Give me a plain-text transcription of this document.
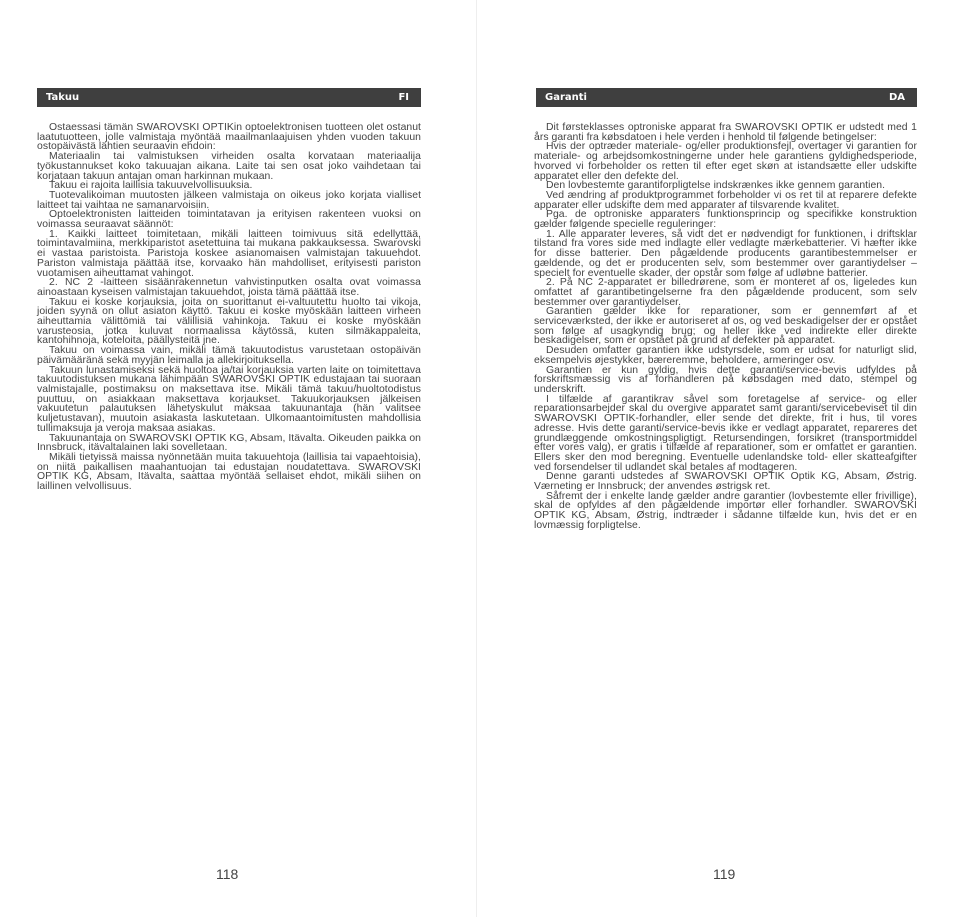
Takuu	FI

Ostaessasi tämän SWAROVSKI OPTIKin optoelektronisen tuotteen olet ostanut laatutuotteen, jolle valmistaja myöntää maailmanlaajuisen yhden vuoden takuun ostopäivästä lähtien seuraavin ehdoin:

Materiaalin tai valmistuksen virheiden osalta korvataan materiaalija työkustannukset koko takuuajan aikana. Laite tai sen osat joko vaihdetaan tai korjataan takuun antajan oman harkinnan mukaan.

Takuu ei rajoita laillisia takuuvelvollisuuksia.

Tuotevalikoiman muutosten jälkeen valmistaja on oikeus joko korjata vialliset laitteet tai vaihtaa ne samanarvoisiin.

Optoelektronisten laitteiden toimintatavan ja erityisen rakenteen vuoksi on voimassa seuraavat säännöt:

1. Kaikki laitteet toimitetaan, mikäli laitteen toimivuus sitä edellyttää, toimintavalmiina, merkkiparistot asetettuina tai mukana pakkauksessa. Swarovski ei vastaa paristoista. Paristoja koskee asianomaisen valmistajan takuuehdot. Pariston valmistaja päättää itse, korvaako hän mahdolliset, erityisesti pariston vuotamisen aiheuttamat vahingot.

2. NC 2 -laitteen sisäänrakennetun vahvistinputken osalta ovat voimassa ainoastaan kyseisen valmistajan takuuehdot, joista tämä päättää itse.

Takuu ei koske korjauksia, joita on suorittanut ei-valtuutettu huolto tai vikoja, joiden syynä on ollut asiaton käyttö. Takuu ei koske myöskään laitteen virheen aiheuttamia välittömiä tai välillisiä vahinkoja. Takuu ei koske myöskään varusteosia, jotka kuluvat normaalissa käytössä, kuten silmäkappaleita, kantohihnoja, koteloita, päällysteitä jne.

Takuu on voimassa vain, mikäli tämä takuutodistus varustetaan ostopäivän päivämääränä sekä myyjän leimalla ja allekirjoituksella.

Takuun lunastamiseksi sekä huoltoa ja/tai korjauksia varten laite on toimitettava takuutodistuksen mukana lähimpään SWAROVSKI OPTIK edustajaan tai suoraan valmistajalle, postimaksu on maksettava itse. Mikäli tämä takuu/huoltotodistus puuttuu, on asiakkaan maksettava korjaukset. Takuukorjauksen jälkeisen vakuutetun palautuksen lähetyskulut maksaa takuunantaja (hän valitsee kuljetustavan), muutoin asiakasta laskutetaan. Ulkomaantoimitusten mahdollisia tullimaksuja ja veroja maksaa asiakas.

Takuunantaja on SWAROVSKI OPTIK KG, Absam, Itävalta. Oikeuden paikka on Innsbruck, itävaltalainen laki sovelletaan.

Mikäli tietyissä maissa nyönnetään muita takuuehtoja (laillisia tai vapaehtoisia), on niitä paikallisen maahantuojan tai edustajan noudatettava. SWAROVSKI OPTIK KG, Absam, Itävalta, saattaa myöntää sellaiset ehdot, mikäli siihen on laillinen velvollisuus.

118
Garanti	DA

Dit førsteklasses optroniske apparat fra SWAROVSKI OPTIK er udstedt med 1 års garanti fra købsdatoen i hele verden i henhold til følgende betingelser:

Hvis der optræder materiale- og/eller produktionsfejl, overtager vi garantien for materiale- og arbejdsomkostningerne under hele garantiens gyldighedsperiode, hvorved vi forbeholder os retten til efter eget skøn at istandsætte eller udskifte apparatet eller den defekte del.

Den lovbestemte garantiforpligtelse indskrænkes ikke gennem garantien.

Ved ændring af produktprogrammet forbeholder vi os ret til at reparere defekte apparater eller udskifte dem med apparater af tilsvarende kvalitet.

Pga. de optroniske apparaters funktionsprincip og specifikke konstruktion gælder følgende specielle reguleringer:

1. Alle apparater leveres, så vidt det er nødvendigt for funktionen, i driftsklar tilstand fra vores side med indlagte eller vedlagte mærkebatterier. Vi hæfter ikke for disse batterier. Den pågældende producents garantibestemmelser er gældende, og det er producenten selv, som bestemmer over garantiydelser – specielt for eventuelle skader, der opstår som følge af udløbne batterier.

2. På NC 2-apparatet er billedrørene, som er monteret af os, ligeledes kun omfattet af garantibetingelserne fra den pågældende producent, som selv bestemmer over garantiydelser.

Garantien gælder ikke for reparationer, som er gennemført af et serviceværksted, der ikke er autoriseret af os, og ved beskadigelser der er opstået som følge af usagkyndig brug; og heller ikke ved indirekte eller direkte beskadigelser, som er opstået på grund af defekter på apparatet.

Desuden omfatter garantien ikke udstyrsdele, som er udsat for naturligt slid, eksempelvis øjestykker, bæreremme, beholdere, armeringer osv.

Garantien er kun gyldig, hvis dette garanti/service-bevis udfyldes på forskriftsmæssig vis af forhandleren på købsdagen med dato, stempel og underskrift.

I tilfælde af garantikrav såvel som foretagelse af service- og eller reparationsarbejder skal du overgive apparatet samt garanti/servicebeviset til din SWAROVSKI OPTIK-forhandler, eller sende det direkte, frit i hus, til vores adresse. Hvis dette garanti/service-bevis ikke er vedlagt apparatet, repareres det grundlæggende omkostningspligtigt. Retursendingen, forsikret (transportmiddel efter vores valg), er gratis i tilfælde af reparationer, som er omfattet er garantien. Ellers sker den mod beregning. Eventuelle udenlandske told- eller skatteafgifter ved forsendelser til udlandet skal betales af modtageren.

Denne garanti udstedes af SWAROVSKI OPTIK Optik KG, Absam, Østrig. Værneting er Innsbruck; der anvendes østrigsk ret.

Såfremt der i enkelte lande gælder andre garantier (lovbestemte eller frivillige), skal de opfyldes af den pågældende importør eller forhandler. SWAROVSKI OPTIK KG, Absam, Østrig, indtræder i sådanne tilfælde kun, hvis det er en lovmæssig forpligtelse.

119
